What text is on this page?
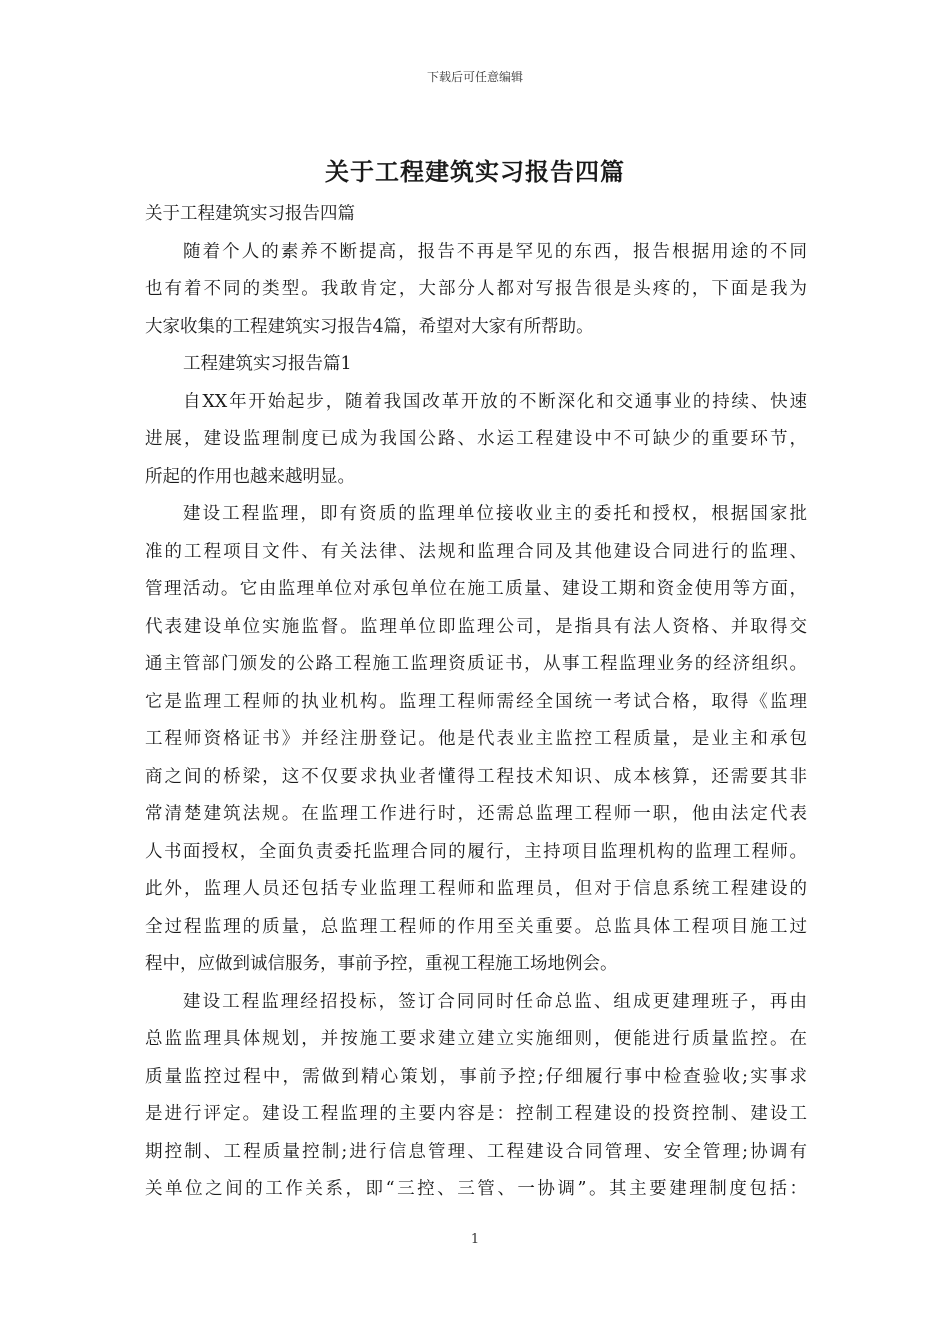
下载后可任意编辑
关于工程建筑实习报告四篇
关于工程建筑实习报告四篇
随着个人的素养不断提高，报告不再是罕见的东西，报告根据用途的不同
也有着不同的类型。我敢肯定，大部分人都对写报告很是头疼的，下面是我为
大家收集的工程建筑实习报告4篇，希望对大家有所帮助。
工程建筑实习报告篇1
自XX年开始起步，随着我国改革开放的不断深化和交通事业的持续、快速
进展，建设监理制度已成为我国公路、水运工程建设中不可缺少的重要环节，
所起的作用也越来越明显。
建设工程监理，即有资质的监理单位接收业主的委托和授权，根据国家批
准的工程项目文件、有关法律、法规和监理合同及其他建设合同进行的监理、
管理活动。它由监理单位对承包单位在施工质量、建设工期和资金使用等方面，
代表建设单位实施监督。监理单位即监理公司，是指具有法人资格、并取得交
通主管部门颁发的公路工程施工监理资质证书，从事工程监理业务的经济组织。
它是监理工程师的执业机构。监理工程师需经全国统一考试合格，取得《监理
工程师资格证书》并经注册登记。他是代表业主监控工程质量，是业主和承包
商之间的桥梁，这不仅要求执业者懂得工程技术知识、成本核算，还需要其非
常清楚建筑法规。在监理工作进行时，还需总监理工程师一职，他由法定代表
人书面授权，全面负责委托监理合同的履行，主持项目监理机构的监理工程师。
此外，监理人员还包括专业监理工程师和监理员，但对于信息系统工程建设的
全过程监理的质量，总监理工程师的作用至关重要。总监具体工程项目施工过
程中，应做到诚信服务，事前予控，重视工程施工场地例会。
建设工程监理经招投标，签订合同同时任命总监、组成更建理班子，再由
总监监理具体规划，并按施工要求建立建立实施细则，便能进行质量监控。在
质量监控过程中，需做到精心策划，事前予控;仔细履行事中检查验收;实事求
是进行评定。建设工程监理的主要内容是：控制工程建设的投资控制、建设工
期控制、工程质量控制;进行信息管理、工程建设合同管理、安全管理;协调有
关单位之间的工作关系，即“三控、三管、一协调”。其主要建理制度包括：
1
